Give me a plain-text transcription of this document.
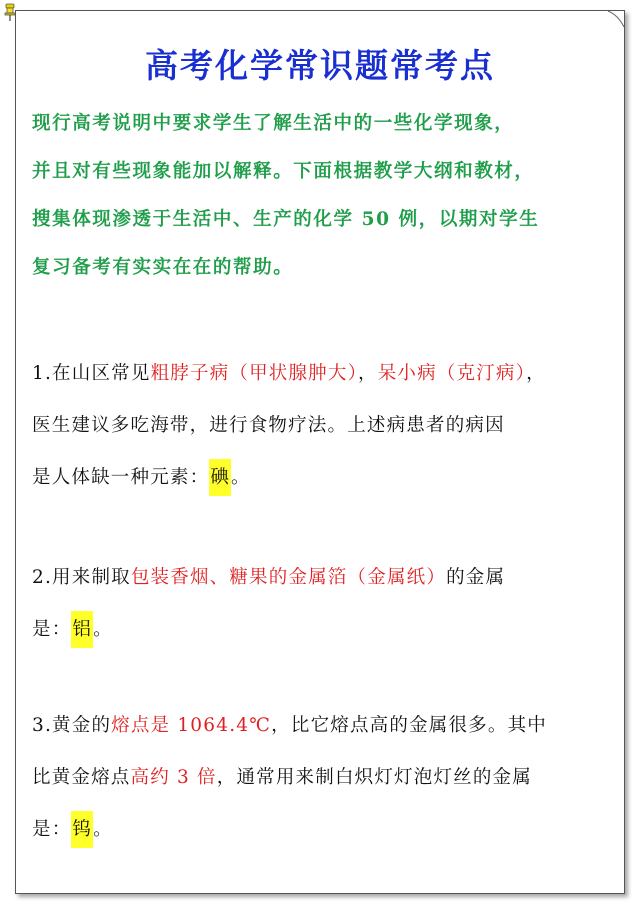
高考化学常识题常考点

现行高考说明中要求学生了解生活中的一些化学现象，

并且对有些现象能加以解释。下面根据教学大纲和教材，

搜集体现渗透于生活中、生产的化学 50 例，以期对学生

复习备考有实实在在的帮助。

1.在山区常见粗脖子病（甲状腺肿大），呆小病（克汀病），

医生建议多吃海带，进行食物疗法。上述病患者的病因

是人体缺一种元素：碘。

2.用来制取包装香烟、糖果的金属箔（金属纸）的金属

是：铝。

3.黄金的熔点是 1064.4℃，比它熔点高的金属很多。其中

比黄金熔点高约 3 倍，通常用来制白炽灯灯泡灯丝的金属

是：钨。
